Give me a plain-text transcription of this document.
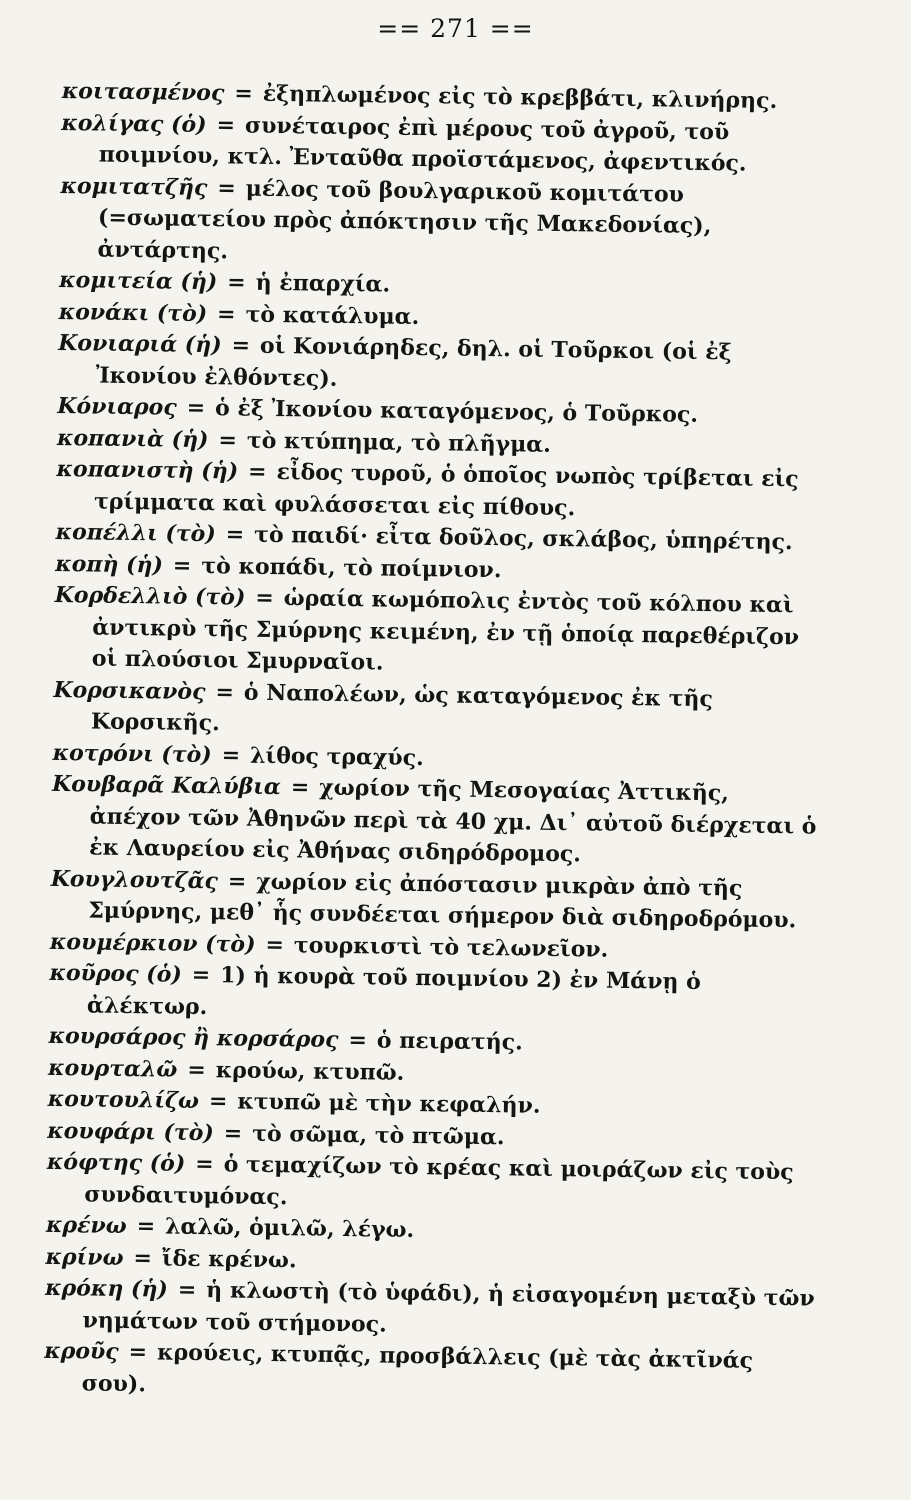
== 271 ==

κοιτασμένος = ἐξηπλωμένος εἰς τὸ κρεββάτι, κλινήρης.

κολίγας (ὁ) = συνέταιρος ἐπὶ μέρους τοῦ ἀγροῦ, τοῦ ποιμνίου, κτλ. Ἐνταῦθα προϊστάμενος, ἀφεντικός.

κομιτατζῆς = μέλος τοῦ βουλγαρικοῦ κομιτάτου (=σωματείου πρὸς ἀπόκτησιν τῆς Μακεδονίας), ἀντάρτης.

κομιτεία (ἡ) = ἡ ἐπαρχία.

κονάκι (τὸ) = τὸ κατάλυμα.

Κονιαριά (ἡ) = οἱ Κονιάρηδες, δηλ. οἱ Τοῦρκοι (οἱ ἐξ Ἰκονίου ἐλθόντες).

Κόνιαρος = ὁ ἐξ Ἰκονίου καταγόμενος, ὁ Τοῦρκος.

κοπανιὰ (ἡ) = τὸ κτύπημα, τὸ πλῆγμα.

κοπανιστὴ (ἡ) = εἶδος τυροῦ, ὁ ὁποῖος νωπὸς τρίβεται εἰς τρίμματα καὶ φυλάσσεται εἰς πίθους.

κοπέλλι (τὸ) = τὸ παιδί· εἶτα δοῦλος, σκλάβος, ὑπηρέτης.

κοπὴ (ἡ) = τὸ κοπάδι, τὸ ποίμνιον.

Κορδελλιὸ (τὸ) = ὡραία κωμόπολις ἐντὸς τοῦ κόλπου καὶ ἀντικρὺ τῆς Σμύρνης κειμένη, ἐν τῇ ὁποίᾳ παρεθέριζον οἱ πλούσιοι Σμυρναῖοι.

Κορσικανὸς = ὁ Ναπολέων, ὡς καταγόμενος ἐκ τῆς Κορσικῆς.

κοτρόνι (τὸ) = λίθος τραχύς.

Κουβαρᾶ Καλύβια = χωρίον τῆς Μεσογαίας Ἀττικῆς, ἀπέχον τῶν Ἀθηνῶν περὶ τὰ 40 χμ. Δι᾽ αὐτοῦ διέρχεται ὁ ἐκ Λαυρείου εἰς Ἀθήνας σιδηρόδρομος.

Κουγλουτζᾶς = χωρίον εἰς ἀπόστασιν μικρὰν ἀπὸ τῆς Σμύρνης, μεθ᾽ ἧς συνδέεται σήμερον διὰ σιδηροδρόμου.

κουμέρκιον (τὸ) = τουρκιστὶ τὸ τελωνεῖον.

κοῦρος (ὁ) = 1) ἡ κουρὰ τοῦ ποιμνίου 2) ἐν Μάνῃ ὁ ἀλέκτωρ.

κουρσάρος ἢ κορσάρος = ὁ πειρατής.

κουρταλῶ = κρούω, κτυπῶ.

κουτουλίζω = κτυπῶ μὲ τὴν κεφαλήν.

κουφάρι (τὸ) = τὸ σῶμα, τὸ πτῶμα.

κόφτης (ὁ) = ὁ τεμαχίζων τὸ κρέας καὶ μοιράζων εἰς τοὺς συνδαιτυμόνας.

κρένω = λαλῶ, ὁμιλῶ, λέγω.

κρίνω = ἴδε κρένω.

κρόκη (ἡ) = ἡ κλωστὴ (τὸ ὑφάδι), ἡ εἰσαγομένη μεταξὺ τῶν νημάτων τοῦ στήμονος.

κροῦς = κρούεις, κτυπᾷς, προσβάλλεις (μὲ τὰς ἀκτῖνάς σου).
